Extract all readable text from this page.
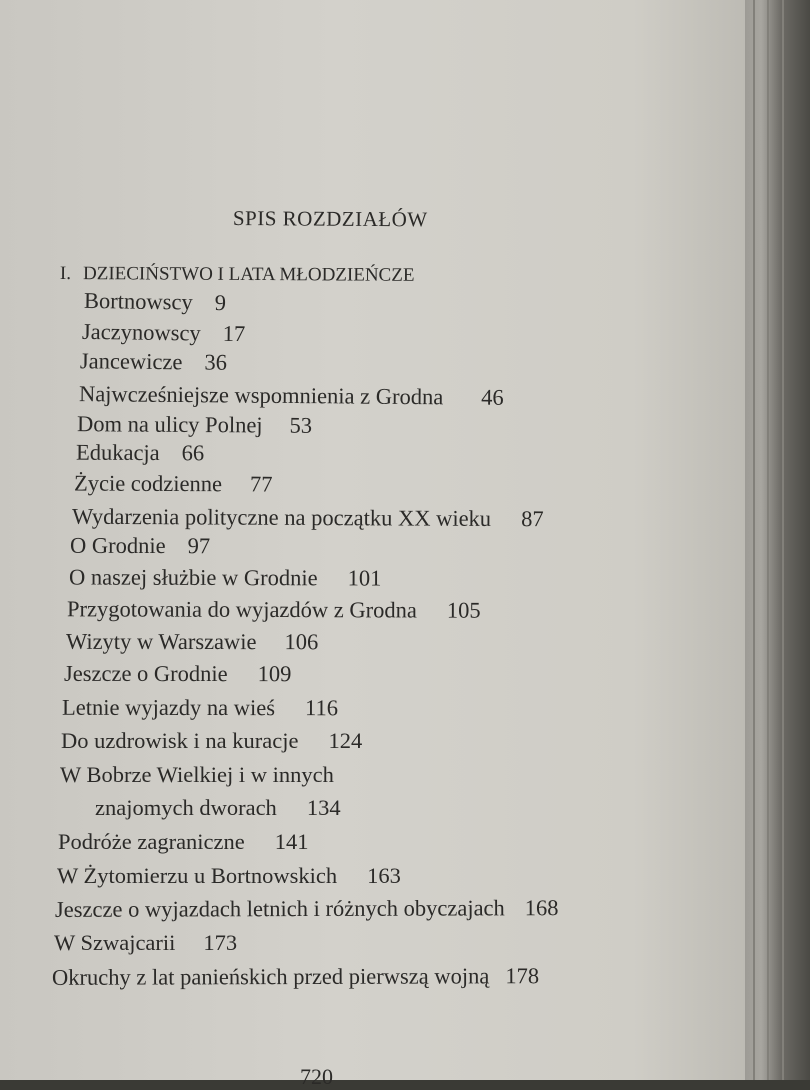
SPIS ROZDZIAŁÓW
I. DZIECIŃSTWO I LATA MŁODZIEŃCZE
Bortnowscy 9
Jaczynowscy 17
Jancewicze 36
Najwcześniejsze wspomnienia z Grodna 46
Dom na ulicy Polnej 53
Edukacja 66
Życie codzienne 77
Wydarzenia polityczne na początku XX wieku 87
O Grodnie 97
O naszej służbie w Grodnie 101
Przygotowania do wyjazdów z Grodna 105
Wizyty w Warszawie 106
Jeszcze o Grodnie 109
Letnie wyjazdy na wieś 116
Do uzdrowisk i na kuracje 124
W Bobrze Wielkiej i w innych
znajomych dworach 134
Podróże zagraniczne 141
W Żytomierzu u Bortnowskich 163
Jeszcze o wyjazdach letnich i różnych obyczajach 168
W Szwajcarii 173
Okruchy z lat panieńskich przed pierwszą wojną 178
720
